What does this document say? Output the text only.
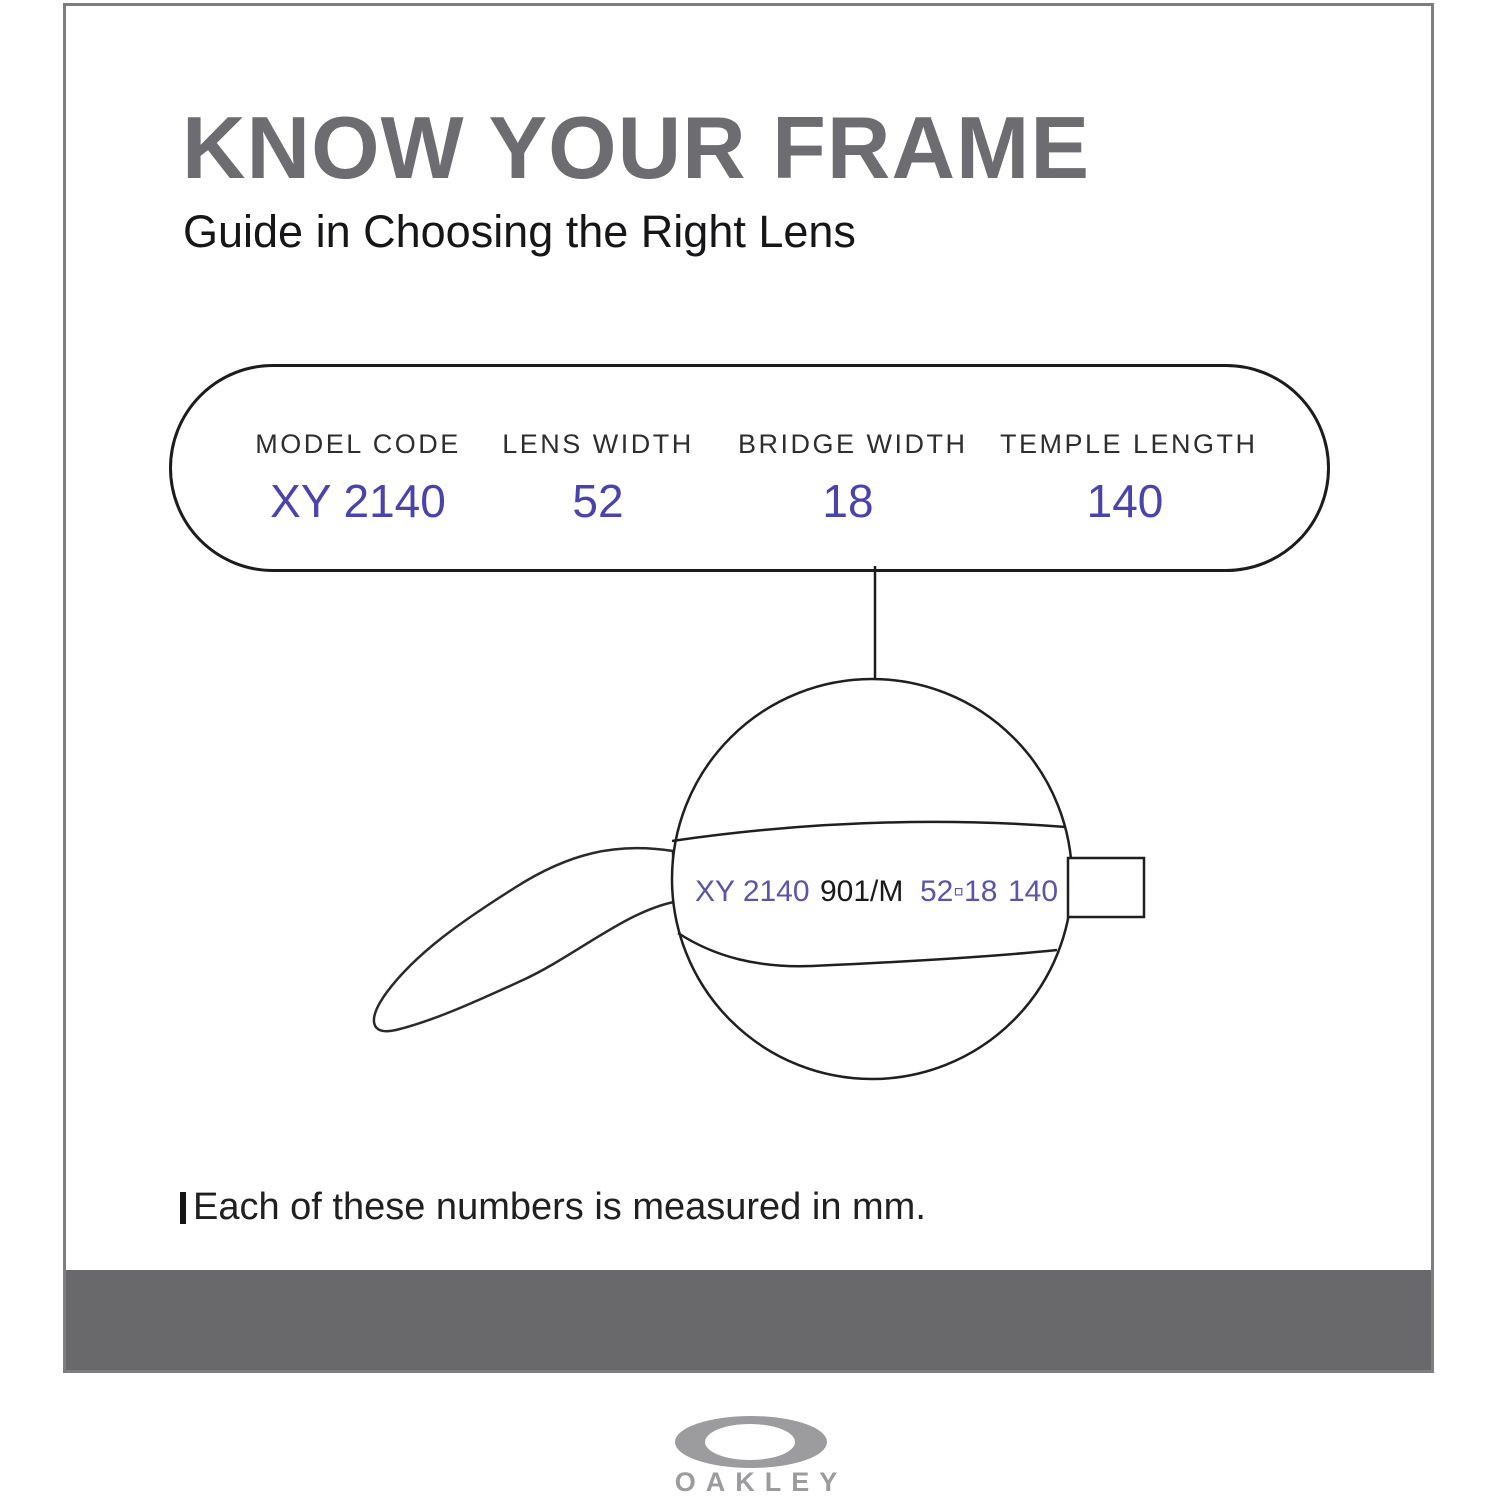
KNOW YOUR FRAME
Guide in Choosing the Right Lens
MODEL CODE
XY 2140
LENS WIDTH
52
BRIDGE WIDTH
18
TEMPLE LENGTH
140
XY 2140 901/M 52▫18 140
Each of these numbers is measured in mm.
OAKLEY
